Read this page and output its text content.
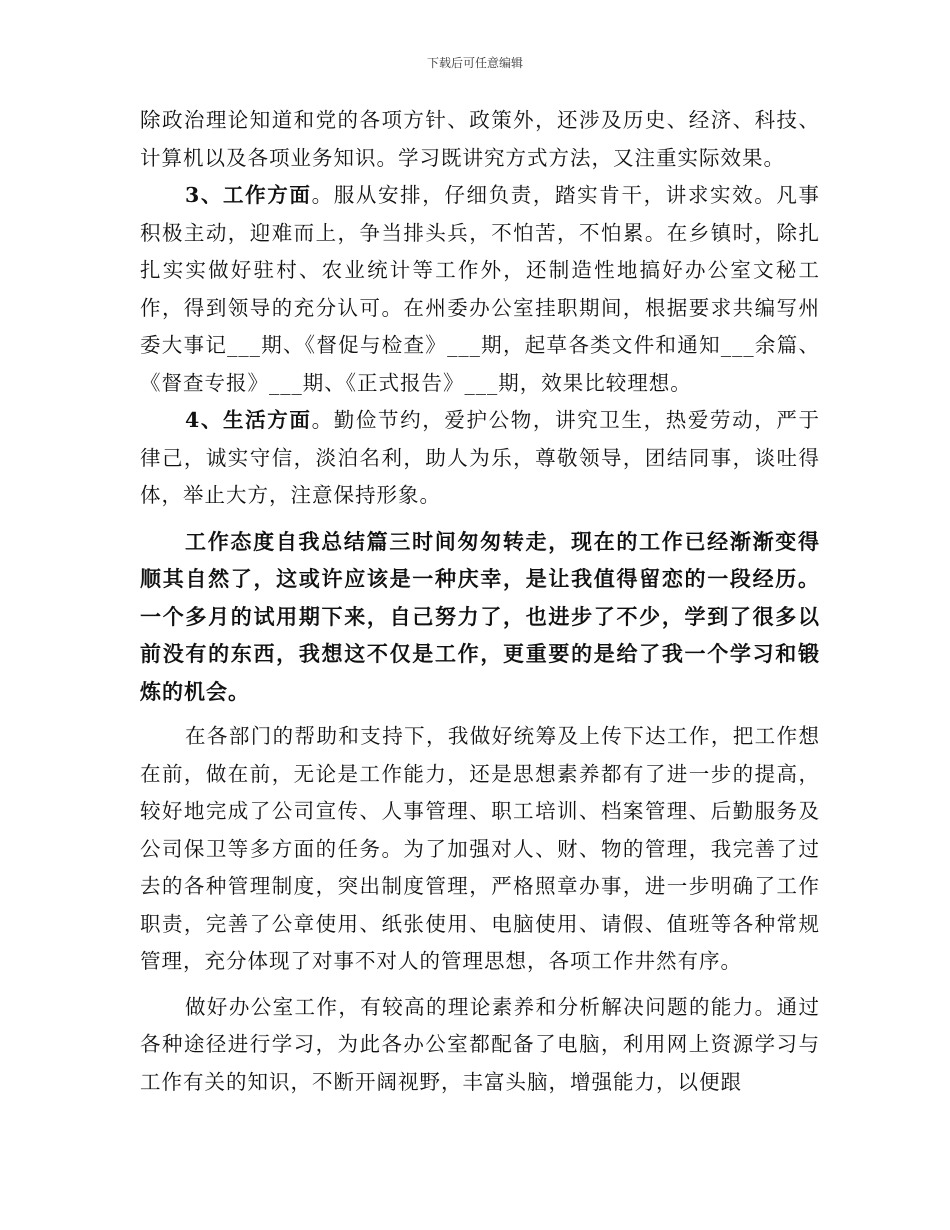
下载后可任意编辑

除政治理论知道和党的各项方针、政策外，还涉及历史、经济、科技、计算机以及各项业务知识。学习既讲究方式方法，又注重实际效果。

3、工作方面。服从安排，仔细负责，踏实肯干，讲求实效。凡事积极主动，迎难而上，争当排头兵，不怕苦，不怕累。在乡镇时，除扎扎实实做好驻村、农业统计等工作外，还制造性地搞好办公室文秘工作，得到领导的充分认可。在州委办公室挂职期间，根据要求共编写州委大事记___期、《督促与检查》___期，起草各类文件和通知___余篇、《督查专报》___期、《正式报告》___期，效果比较理想。

4、生活方面。勤俭节约，爱护公物，讲究卫生，热爱劳动，严于律己，诚实守信，淡泊名利，助人为乐，尊敬领导，团结同事，谈吐得体，举止大方，注意保持形象。

工作态度自我总结篇三时间匆匆转走，现在的工作已经渐渐变得顺其自然了，这或许应该是一种庆幸，是让我值得留恋的一段经历。一个多月的试用期下来，自己努力了，也进步了不少，学到了很多以前没有的东西，我想这不仅是工作，更重要的是给了我一个学习和锻炼的机会。

在各部门的帮助和支持下，我做好统筹及上传下达工作，把工作想在前，做在前，无论是工作能力，还是思想素养都有了进一步的提高，较好地完成了公司宣传、人事管理、职工培训、档案管理、后勤服务及公司保卫等多方面的任务。为了加强对人、财、物的管理，我完善了过去的各种管理制度，突出制度管理，严格照章办事，进一步明确了工作职责，完善了公章使用、纸张使用、电脑使用、请假、值班等各种常规管理，充分体现了对事不对人的管理思想，各项工作井然有序。

做好办公室工作，有较高的理论素养和分析解决问题的能力。通过各种途径进行学习，为此各办公室都配备了电脑，利用网上资源学习与工作有关的知识，不断开阔视野，丰富头脑，增强能力，以便跟
